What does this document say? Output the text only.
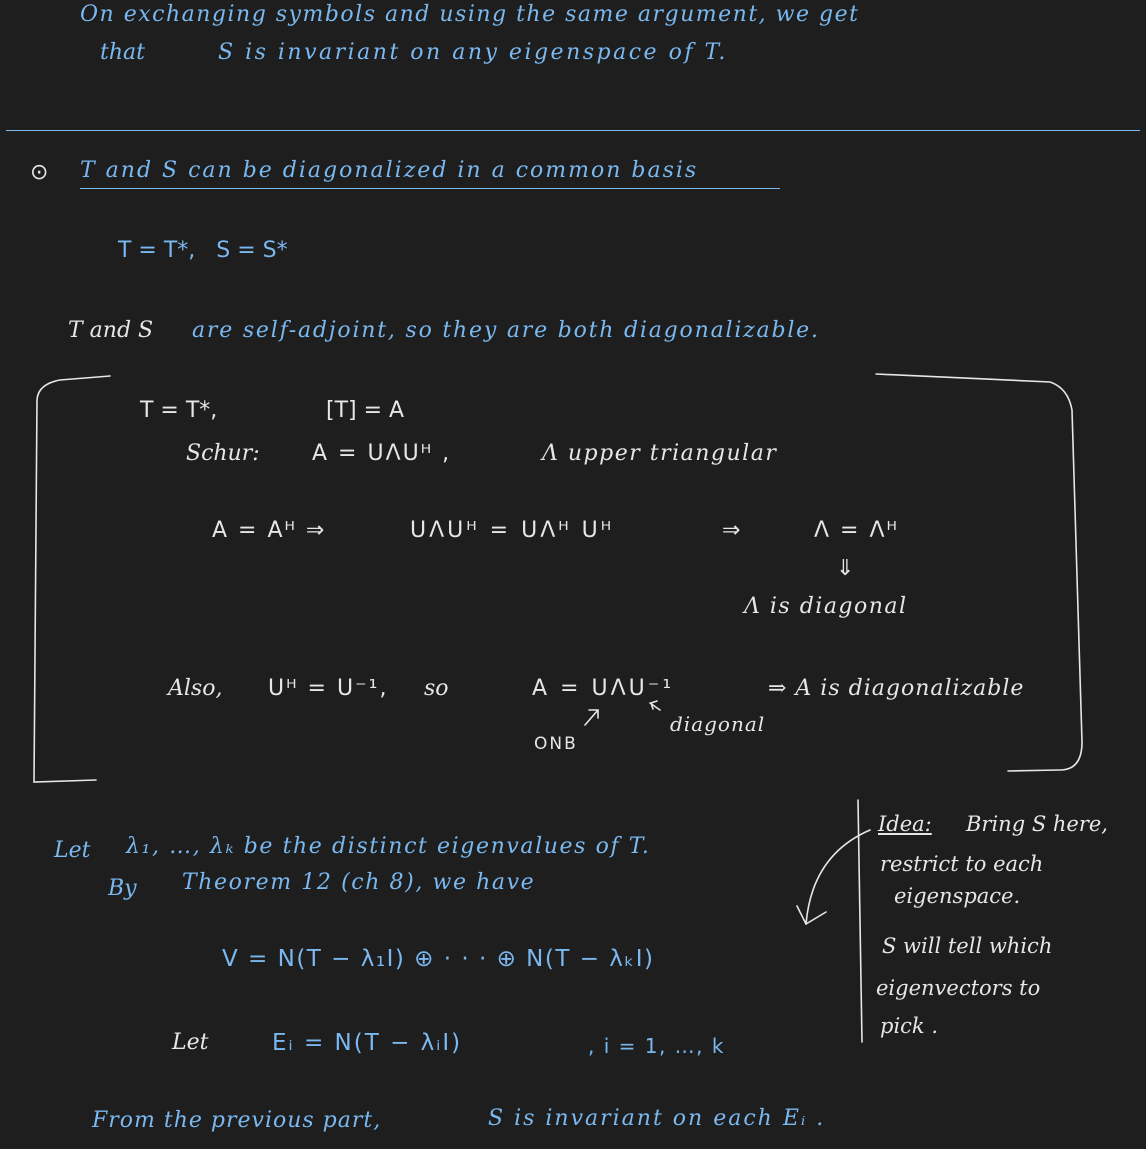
On exchanging symbols and using the same argument, we get
that	S is invariant on any eigenspace of T.
⊙ T and S can be diagonalized in a common basis
T = T*,   S = S*
T and S are self-adjoint, so they are both diagonalizable.
T = T*,	[T] = A
Schur: A = UΛUᴴ ,	Λ upper triangular
A = Aᴴ ⇒	UΛUᴴ = UΛᴴ Uᴴ	⇒	Λ = Λᴴ
⇓
Λ is diagonal
Also, Uᴴ = U⁻¹, so	A = UΛU⁻¹	⇒ A is diagonalizable
ONB
diagonal
Let λ₁, …, λₖ be the distinct eigenvalues of T.
By Theorem 12 (ch 8), we have
V = N(T − λ₁I) ⊕ · · · ⊕ N(T − λₖI)
Let	Eᵢ = N(T − λᵢI)	, i = 1, …, k
From the previous part,	S is invariant on each Eᵢ .
Idea: Bring S here,
restrict to each
eigenspace.
S will tell which
eigenvectors to
pick .
